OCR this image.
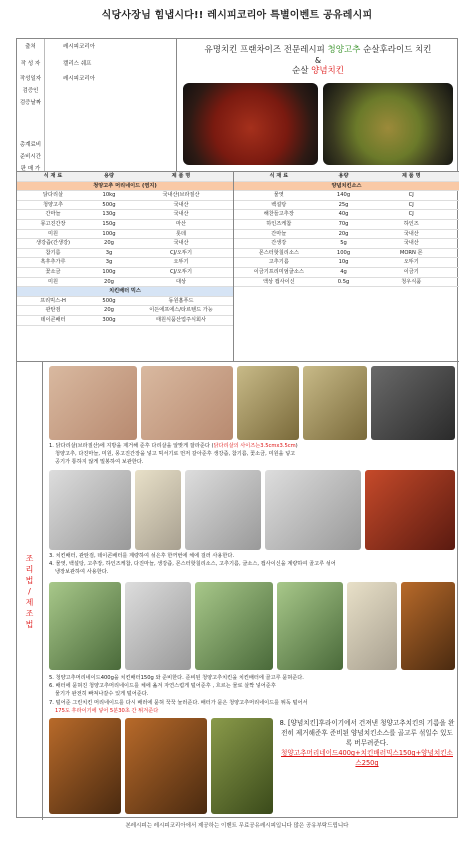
식당사장님 힘냅시다!! 레시피코리아 특별이벤트 공유레시피
출처	레시피코리아
작 성 자	캘리스 쉐프
작성일자	레시피코리아
검증인
검증날짜
총계료비
준비시간
판 매 가
유명치킨 프랜차이즈 전문레시피 청양고추 순살후라이드 치킨
&
순살 양념치킨
식 재 료	용량	제 품 명
청양고추 머리네이드 (염지)
닭다리살	10kg	국내산(브라질산
청양고추	500g	국내산
간마늘	130g	국내산
몽고진간장	150g	마산
미원	100g	롯데
생강즙(간생강)	20g	국내산
참기름	3g	CJ/오뚜기
흑후추가루	3g	오뚜기
꽃소금	100g	CJ/오뚜기
미원	20g	대상
치킨배터 믹스
프리믹스-H	500g	동원홈푸드
관탄검	20g	이든에프에스/타르텐드 가능
데이콘배터	300g	태원식품산업주식회사
식 재 료	용량	제 품 명
양념치킨소스
물엿	140g	CJ
백설탕	25g	CJ
해찬들고추장	40g	CJ
하인즈케찹	70g	하인즈
간마늘	20g	국내산
간생강	5g	국내산
몬스터핫칠리소스	100g	MORN 몬
고추기름	10g	오뚜기
이금기프리미엄굴소스	4g	이금기
액상 캡사이신	0.5g	청우식품
조
리
법
/
제
조
법
1. 닭다리살(브라질산)에 지방을 제거해 준후 다리살을 알맞게 잘라준다 (닭다리살의 사이즈는3.5cmx3.5cm)
청양고추, 다진마늘, 미원, 몽고진간장을 넣고 믹서기로 먼저 갈아준후 생강즙, 참기름, 꽃소금, 미원을 넣고
공기가 통하지 않게 밀봉하여 보관한다.
3. 치킨배터, 관탄검, 데이콘배터를 계량하여 섞은후 한꺼번에 체에 걸러 사용한다.
4. 물엿, 백설탕, 고추장, 하인즈케찹, 다진마늘, 생강즙, 몬스터핫칠리소스, 고추기름, 굴소스, 캡사이신을 계량하여 골고루 섞어
냉장보관하여 사용한다.
5. 청양고추머리네이드400g을 치킨배터150g 와 준비한다. 준비된 청양고추치킨을 치킨배터에 골고루 묻혀준다.
6. 배터에 묻혀진 청양고추머리네이드를 체에 옮겨 자연스럽게 털어준후 , 흐르는 물로 살짝 넣어준후
물기가 완전히 빠져나갈수 있게 털어준다.
7. 털어준 그린치킨 머리네이드를 다시 배러에 묻혀 꾹꾹 눌러준다. 배터가 묻은 청양고추머리네이드를 튀독 털어서
175도 후라이기에 넣어 5분30초 간 튀겨준다
8. [양념치킨]후라이기에서 건져낸 청양고추치킨의 기름을 완전히 제거해준후 준비된 양념치킨소스를 골고루 섞일수 있도록 버무려준다.
청양고추머리네이드400g+치킨배러믹스150g+양념치킨소스250g
본레시피는 레시피코리아에서 제공하는 이벤트 무료공유레시피입니다 많은 공유부탁드립니다
